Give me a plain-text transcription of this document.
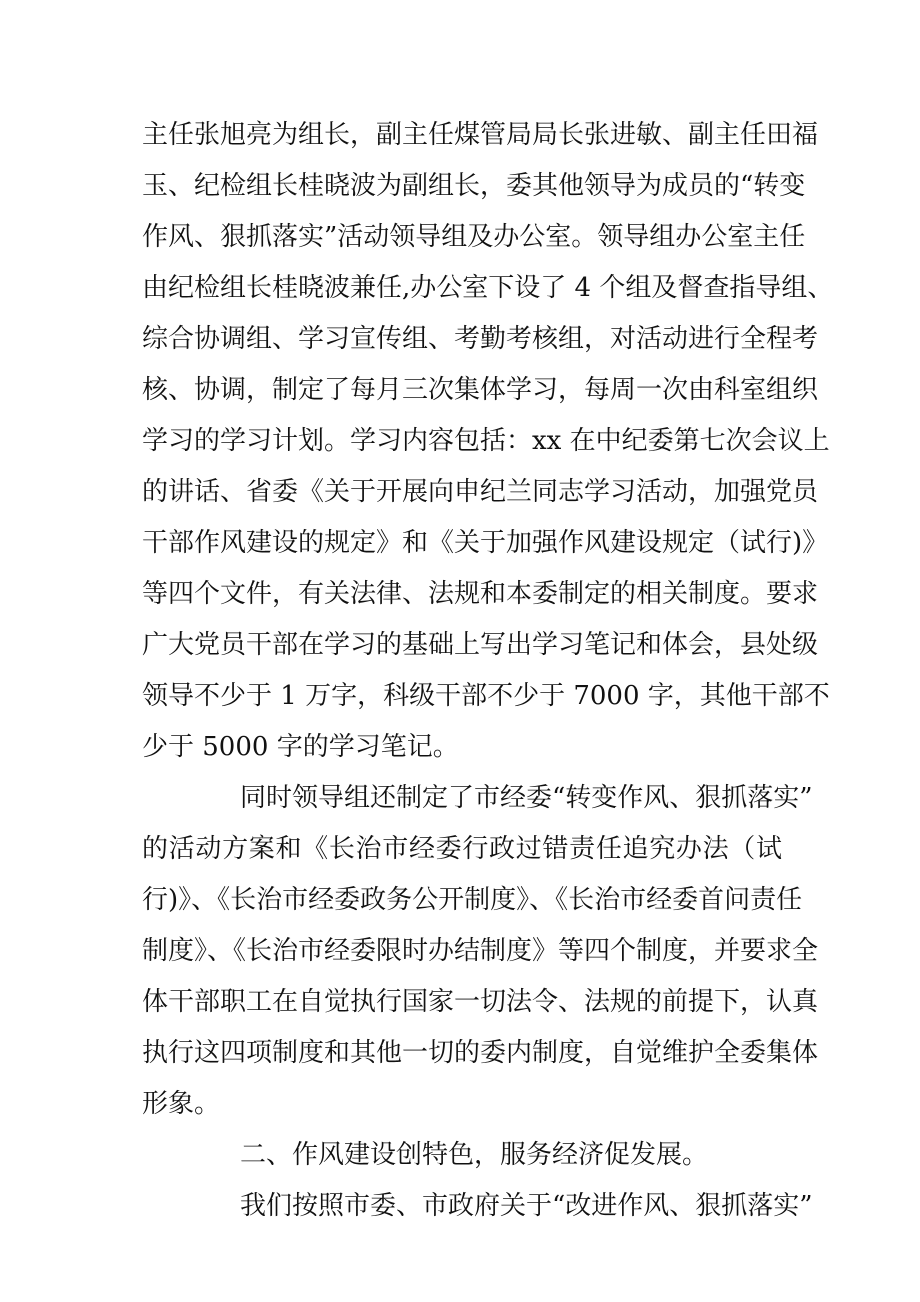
主任张旭亮为组长，副主任煤管局局长张进敏、副主任田福
玉、纪检组长桂晓波为副组长，委其他领导为成员的“转变
作风、狠抓落实”活动领导组及办公室。领导组办公室主任
由纪检组长桂晓波兼任,办公室下设了 4 个组及督查指导组、
综合协调组、学习宣传组、考勤考核组，对活动进行全程考
核、协调，制定了每月三次集体学习，每周一次由科室组织
学习的学习计划。学习内容包括：xx 在中纪委第七次会议上
的讲话、省委《关于开展向申纪兰同志学习活动，加强党员
干部作风建设的规定》和《关于加强作风建设规定（试行)》
等四个文件，有关法律、法规和本委制定的相关制度。要求
广大党员干部在学习的基础上写出学习笔记和体会，县处级
领导不少于 1 万字，科级干部不少于 7000 字，其他干部不
少于 5000 字的学习笔记。
同时领导组还制定了市经委“转变作风、狠抓落实”
的活动方案和《长治市经委行政过错责任追究办法（试
行)》、《长治市经委政务公开制度》、《长治市经委首问责任
制度》、《长治市经委限时办结制度》等四个制度，并要求全
体干部职工在自觉执行国家一切法令、法规的前提下，认真
执行这四项制度和其他一切的委内制度，自觉维护全委集体
形象。
二、作风建设创特色，服务经济促发展。
我们按照市委、市政府关于“改进作风、狠抓落实”
